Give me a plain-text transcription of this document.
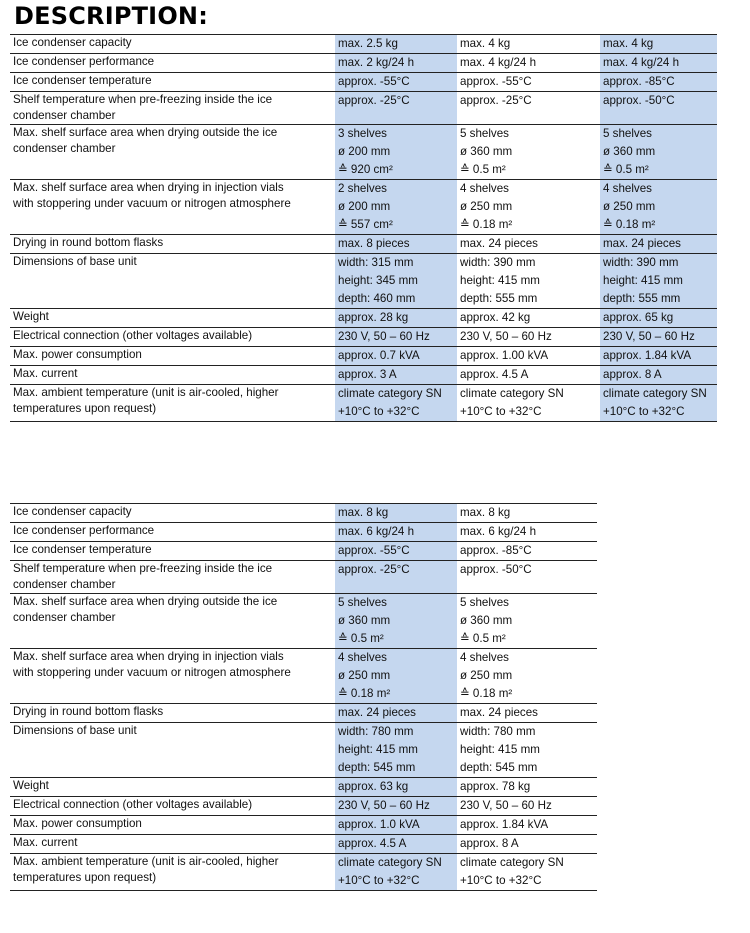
DESCRIPTION:
Ice condenser capacity	max. 2.5 kg	max. 4 kg	max. 4 kg

Ice condenser performance	max. 2 kg/24 h	max. 4 kg/24 h	max. 4 kg/24 h

Ice condenser temperature	approx. -55°C	approx. -55°C	approx. -85°C

Shelf temperature when pre-freezing inside the ice
condenser chamber	approx. -25°C	approx. -25°C	approx. -50°C

Max. shelf surface area when drying outside the ice
condenser chamber	3 shelves
ø 200 mm
≙ 920 cm²	5 shelves
ø 360 mm
≙ 0.5 m²	5 shelves
ø 360 mm
≙ 0.5 m²

Max. shelf surface area when drying in injection vials
with stoppering under vacuum or nitrogen atmosphere	2 shelves
ø 200 mm
≙ 557 cm²	4 shelves
ø 250 mm
≙ 0.18 m²	4 shelves
ø 250 mm
≙ 0.18 m²

Drying in round bottom flasks	max. 8 pieces	max. 24 pieces	max. 24 pieces

Dimensions of base unit	width: 315 mm
height: 345 mm
depth: 460 mm	width: 390 mm
height: 415 mm
depth: 555 mm	width: 390 mm
height: 415 mm
depth: 555 mm

Weight	approx. 28 kg	approx. 42 kg	approx. 65 kg

Electrical connection (other voltages available)	230 V, 50 – 60 Hz	230 V, 50 – 60 Hz	230 V, 50 – 60 Hz

Max. power consumption	approx. 0.7 kVA	approx. 1.00 kVA	approx. 1.84 kVA

Max. current	approx. 3 A	approx. 4.5 A	approx. 8 A

Max. ambient temperature (unit is air-cooled, higher
temperatures upon request)	climate category SN
+10°C to +32°C	climate category SN
+10°C to +32°C	climate category SN
+10°C to +32°C
Ice condenser capacity	max. 8 kg	max. 8 kg

Ice condenser performance	max. 6 kg/24 h	max. 6 kg/24 h

Ice condenser temperature	approx. -55°C	approx. -85°C

Shelf temperature when pre-freezing inside the ice
condenser chamber	approx. -25°C	approx. -50°C

Max. shelf surface area when drying outside the ice
condenser chamber	5 shelves
ø 360 mm
≙ 0.5 m²	5 shelves
ø 360 mm
≙ 0.5 m²

Max. shelf surface area when drying in injection vials
with stoppering under vacuum or nitrogen atmosphere	4 shelves
ø 250 mm
≙ 0.18 m²	4 shelves
ø 250 mm
≙ 0.18 m²

Drying in round bottom flasks	max. 24 pieces	max. 24 pieces

Dimensions of base unit	width: 780 mm
height: 415 mm
depth: 545 mm	width: 780 mm
height: 415 mm
depth: 545 mm

Weight	approx. 63 kg	approx. 78 kg

Electrical connection (other voltages available)	230 V, 50 – 60 Hz	230 V, 50 – 60 Hz

Max. power consumption	approx. 1.0 kVA	approx. 1.84 kVA

Max. current	approx. 4.5 A	approx. 8 A

Max. ambient temperature (unit is air-cooled, higher
temperatures upon request)	climate category SN
+10°C to +32°C	climate category SN
+10°C to +32°C
